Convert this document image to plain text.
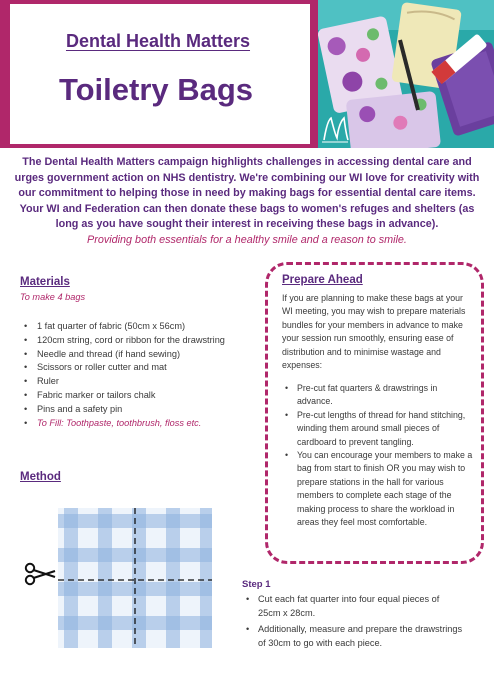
Dental Health Matters
Toiletry Bags
The Dental Health Matters campaign highlights challenges in accessing dental care and urges government action on NHS dentistry. We're combining our WI love for creativity with our commitment to helping those in need by making bags for essential dental care items. Your WI and Federation can then donate these bags to women's refuges and shelters (as long as you have sought their interest in receiving these bags in advance).
Providing both essentials for a healthy smile and a reason to smile.
Materials
To make 4 bags
• 1 fat quarter of fabric (50cm x 56cm)
• 120cm string, cord or ribbon for the drawstring
• Needle and thread (if hand sewing)
• Scissors or roller cutter and mat
• Ruler
• Fabric marker or tailors chalk
• Pins and a safety pin
• To Fill: Toothpaste, toothbrush, floss etc.
Prepare Ahead
If you are planning to make these bags at your WI meeting, you may wish to prepare materials bundles for your members in advance to make your session run smoothly, ensuring ease of distribution and to minimise wastage and expenses:
• Pre-cut fat quarters & drawstrings in advance.
• Pre-cut lengths of thread for hand stitching, winding them around small pieces of cardboard to prevent tangling.
• You can encourage your members to make a bag from start to finish OR you may wish to prepare stations in the hall for various members to complete each stage of the making process to share the workload in areas they feel most comfortable.
Method
Step 1
• Cut each fat quarter into four equal pieces of 25cm x 28cm.
• Additionally, measure and prepare the drawstrings of 30cm to go with each piece.
